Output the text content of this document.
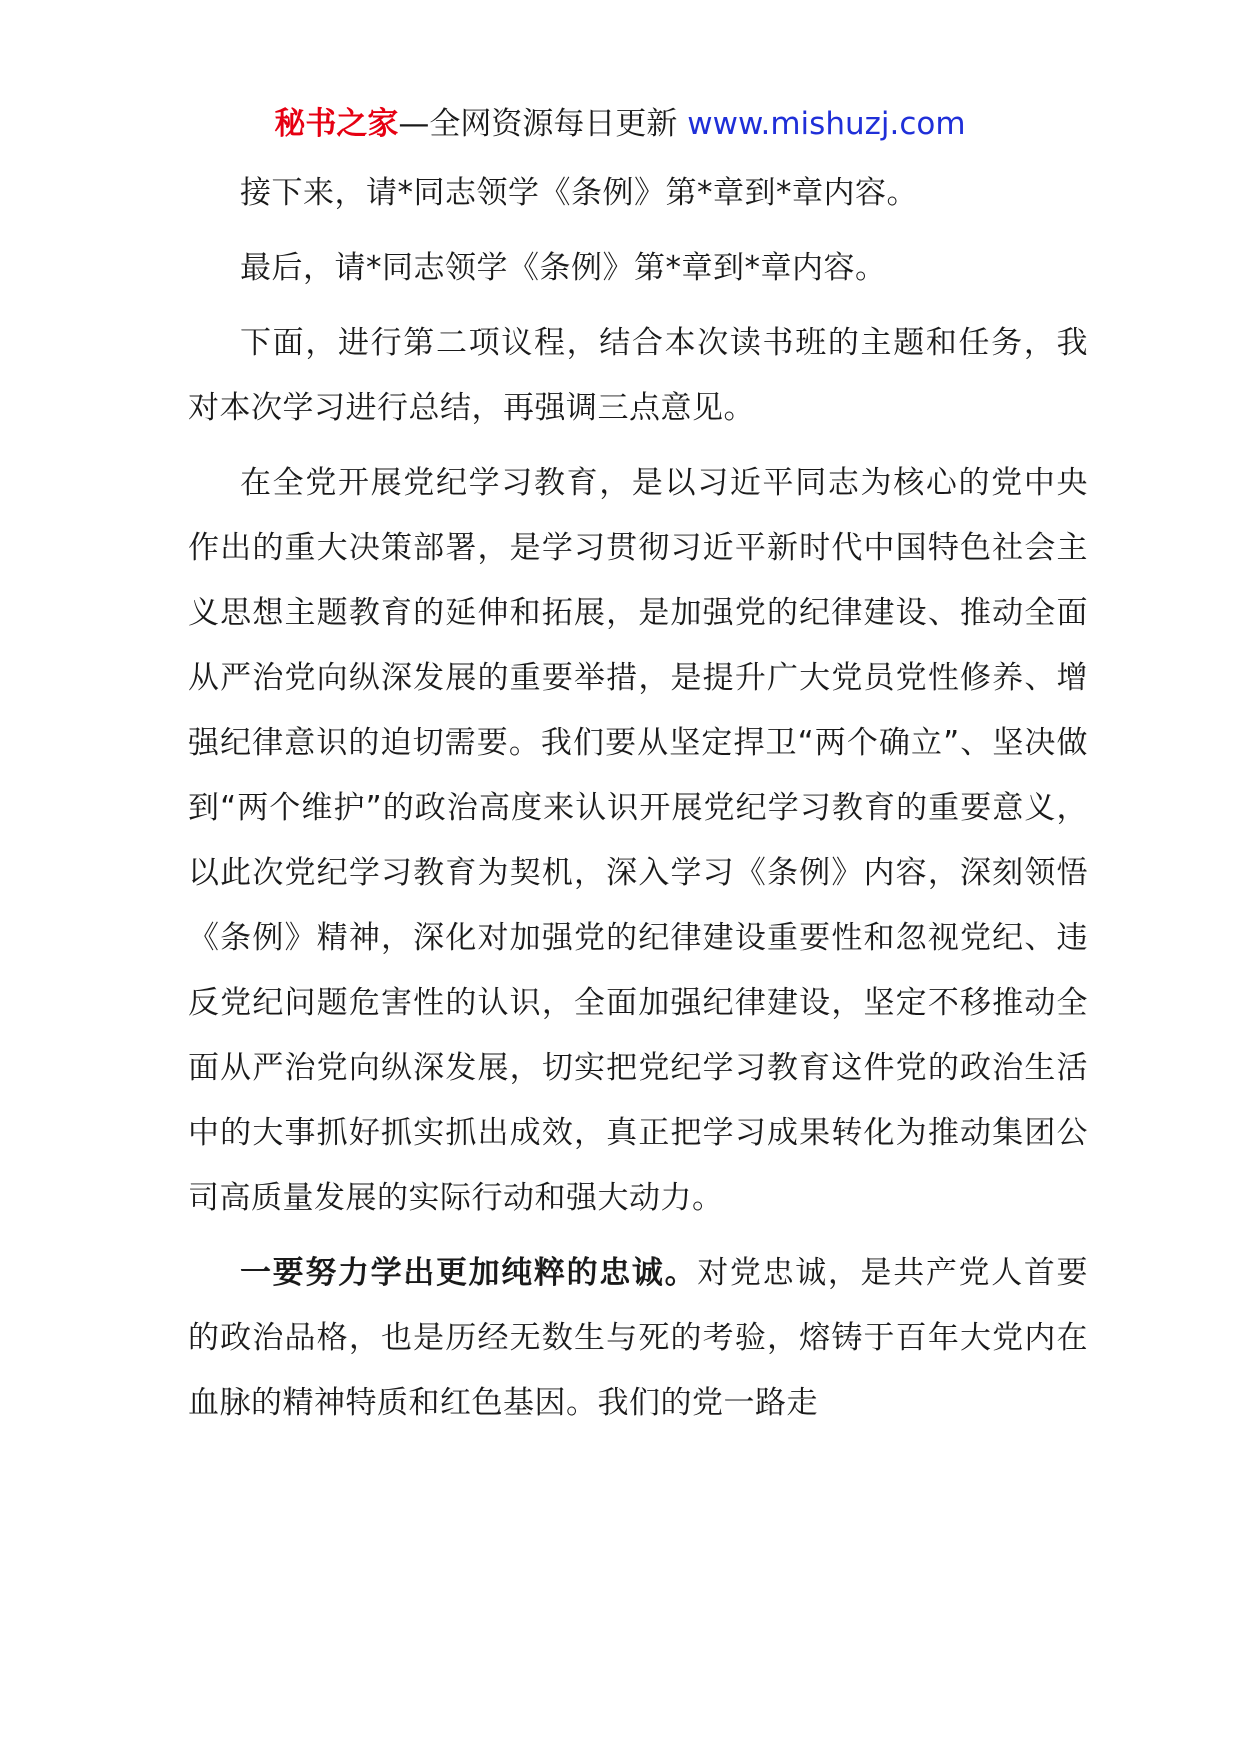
秘书之家—全网资源每日更新 www.mishuzj.com

接下来，请*同志领学《条例》第*章到*章内容。

最后，请*同志领学《条例》第*章到*章内容。

下面，进行第二项议程，结合本次读书班的主题和任务，我对本次学习进行总结，再强调三点意见。

在全党开展党纪学习教育，是以习近平同志为核心的党中央作出的重大决策部署，是学习贯彻习近平新时代中国特色社会主义思想主题教育的延伸和拓展，是加强党的纪律建设、推动全面从严治党向纵深发展的重要举措，是提升广大党员党性修养、增强纪律意识的迫切需要。我们要从坚定捍卫“两个确立”、坚决做到“两个维护”的政治高度来认识开展党纪学习教育的重要意义，以此次党纪学习教育为契机，深入学习《条例》内容，深刻领悟《条例》精神，深化对加强党的纪律建设重要性和忽视党纪、违反党纪问题危害性的认识，全面加强纪律建设，坚定不移推动全面从严治党向纵深发展，切实把党纪学习教育这件党的政治生活中的大事抓好抓实抓出成效，真正把学习成果转化为推动集团公司高质量发展的实际行动和强大动力。

一要努力学出更加纯粹的忠诚。对党忠诚，是共产党人首要的政治品格，也是历经无数生与死的考验，熔铸于百年大党内在血脉的精神特质和红色基因。我们的党一路走
